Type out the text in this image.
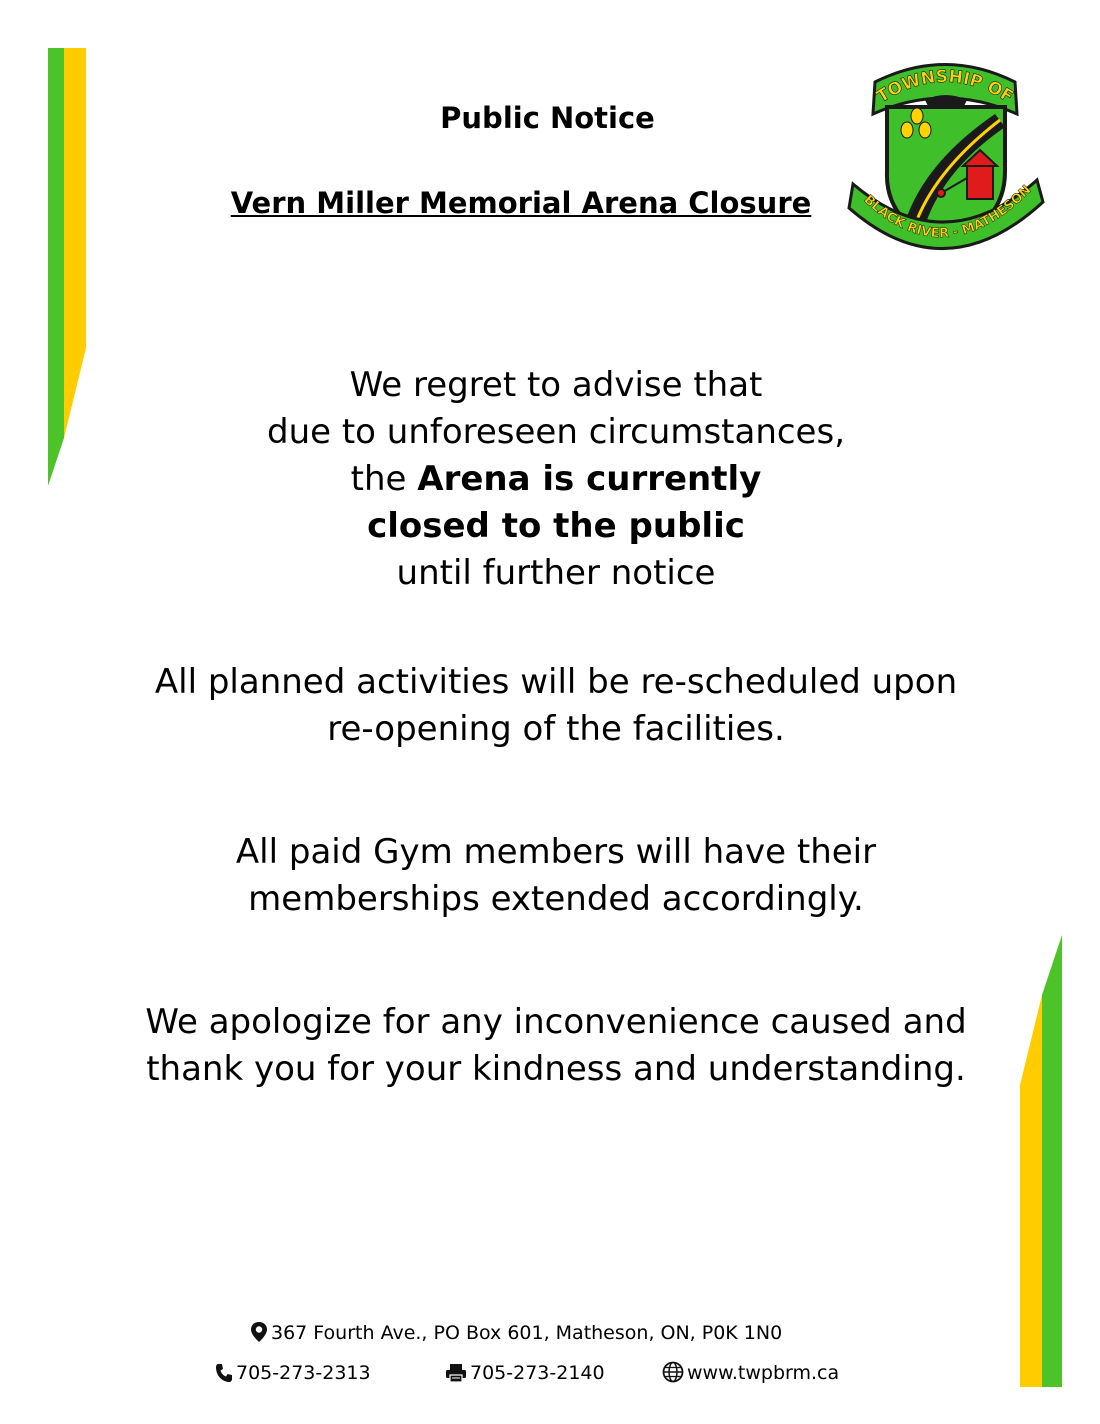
Public Notice
Vern Miller Memorial Arena Closure
TOWNSHIP OF
BLACK RIVER - MATHESON
We regret to advise that
due to unforeseen circumstances,
the Arena is currently
closed to the public
until further notice
All planned activities will be re-scheduled upon
re-opening of the facilities.
All paid Gym members will have their
memberships extended accordingly.
We apologize for any inconvenience caused and
thank you for your kindness and understanding.
367 Fourth Ave., PO Box 601, Matheson, ON, P0K 1N0
705-273-2313	705-273-2140	www.twpbrm.ca
